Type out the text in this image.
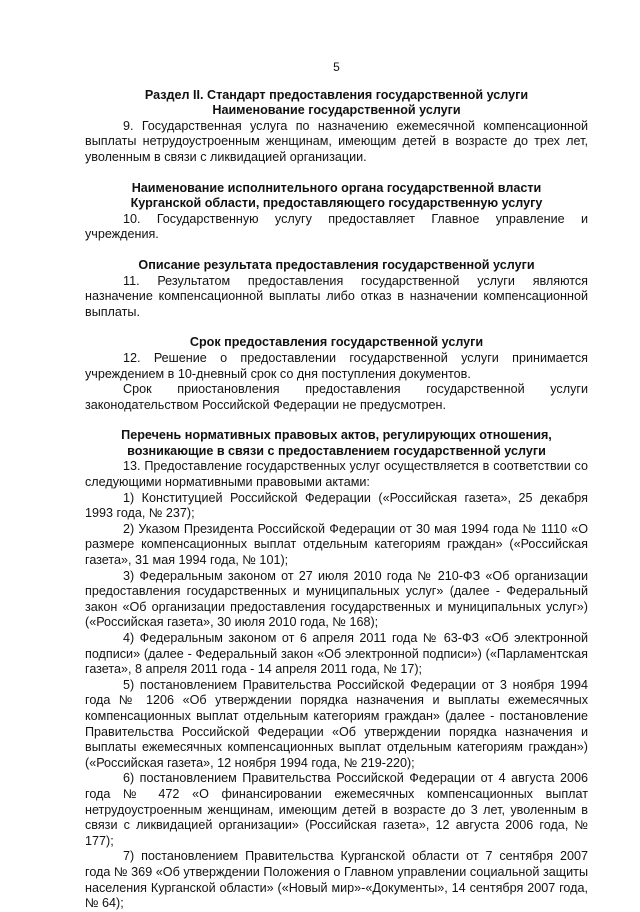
5

Раздел II. Стандарт предоставления государственной услуги

Наименование государственной услуги

9. Государственная услуга по назначению ежемесячной компенсационной выплаты нетрудоустроенным женщинам, имеющим детей в возрасте до трех лет, уволенным в связи с ликвидацией организации.

Наименование исполнительного органа государственной власти

Курганской области, предоставляющего государственную услугу

10. Государственную услугу предоставляет Главное управление и учреждения.

Описание результата предоставления государственной услуги

11. Результатом предоставления государственной услуги являются назначение компенсационной выплаты либо отказ в назначении компенсационной выплаты.

Срок предоставления государственной услуги

12. Решение о предоставлении государственной услуги принимается учреждением в 10-дневный срок со дня поступления документов.

Срок приостановления предоставления государственной услуги законодательством Российской Федерации не предусмотрен.

Перечень нормативных правовых актов, регулирующих отношения,

возникающие в связи с предоставлением государственной услуги

13. Предоставление государственных услуг осуществляется в соответствии со следующими нормативными правовыми актами:

1) Конституцией Российской Федерации («Российская газета», 25 декабря 1993 года, № 237);

2) Указом Президента Российской Федерации от 30 мая 1994 года № 1110 «О размере компенсационных выплат отдельным категориям граждан» («Российская газета», 31 мая 1994 года, № 101);

3) Федеральным законом от 27 июля 2010 года № 210-ФЗ «Об организации предоставления государственных и муниципальных услуг» (далее - Федеральный закон «Об организации предоставления государственных и муниципальных услуг») («Российская газета», 30 июля 2010 года, № 168);

4) Федеральным законом от 6 апреля 2011 года № 63-ФЗ «Об электронной подписи» (далее - Федеральный закон «Об электронной подписи») («Парламентская газета», 8 апреля 2011 года - 14 апреля 2011 года, № 17);

5) постановлением Правительства Российской Федерации от 3 ноября 1994 года № 1206 «Об утверждении порядка назначения и выплаты ежемесячных компенсационных выплат отдельным категориям граждан» (далее - постановление Правительства Российской Федерации «Об утверждении порядка назначения и выплаты ежемесячных компенсационных выплат отдельным категориям граждан») («Российская газета», 12 ноября 1994 года, № 219-220);

6) постановлением Правительства Российской Федерации от 4 августа 2006 года № 472 «О финансировании ежемесячных компенсационных выплат нетрудоустроенным женщинам, имеющим детей в возрасте до 3 лет, уволенным в связи с ликвидацией организации» (Российская газета», 12 августа 2006 года, № 177);

7) постановлением Правительства Курганской области от 7 сентября 2007 года № 369 «Об утверждении Положения о Главном управлении социальной защиты населения Курганской области» («Новый мир»-«Документы», 14 сентября 2007 года, № 64);
